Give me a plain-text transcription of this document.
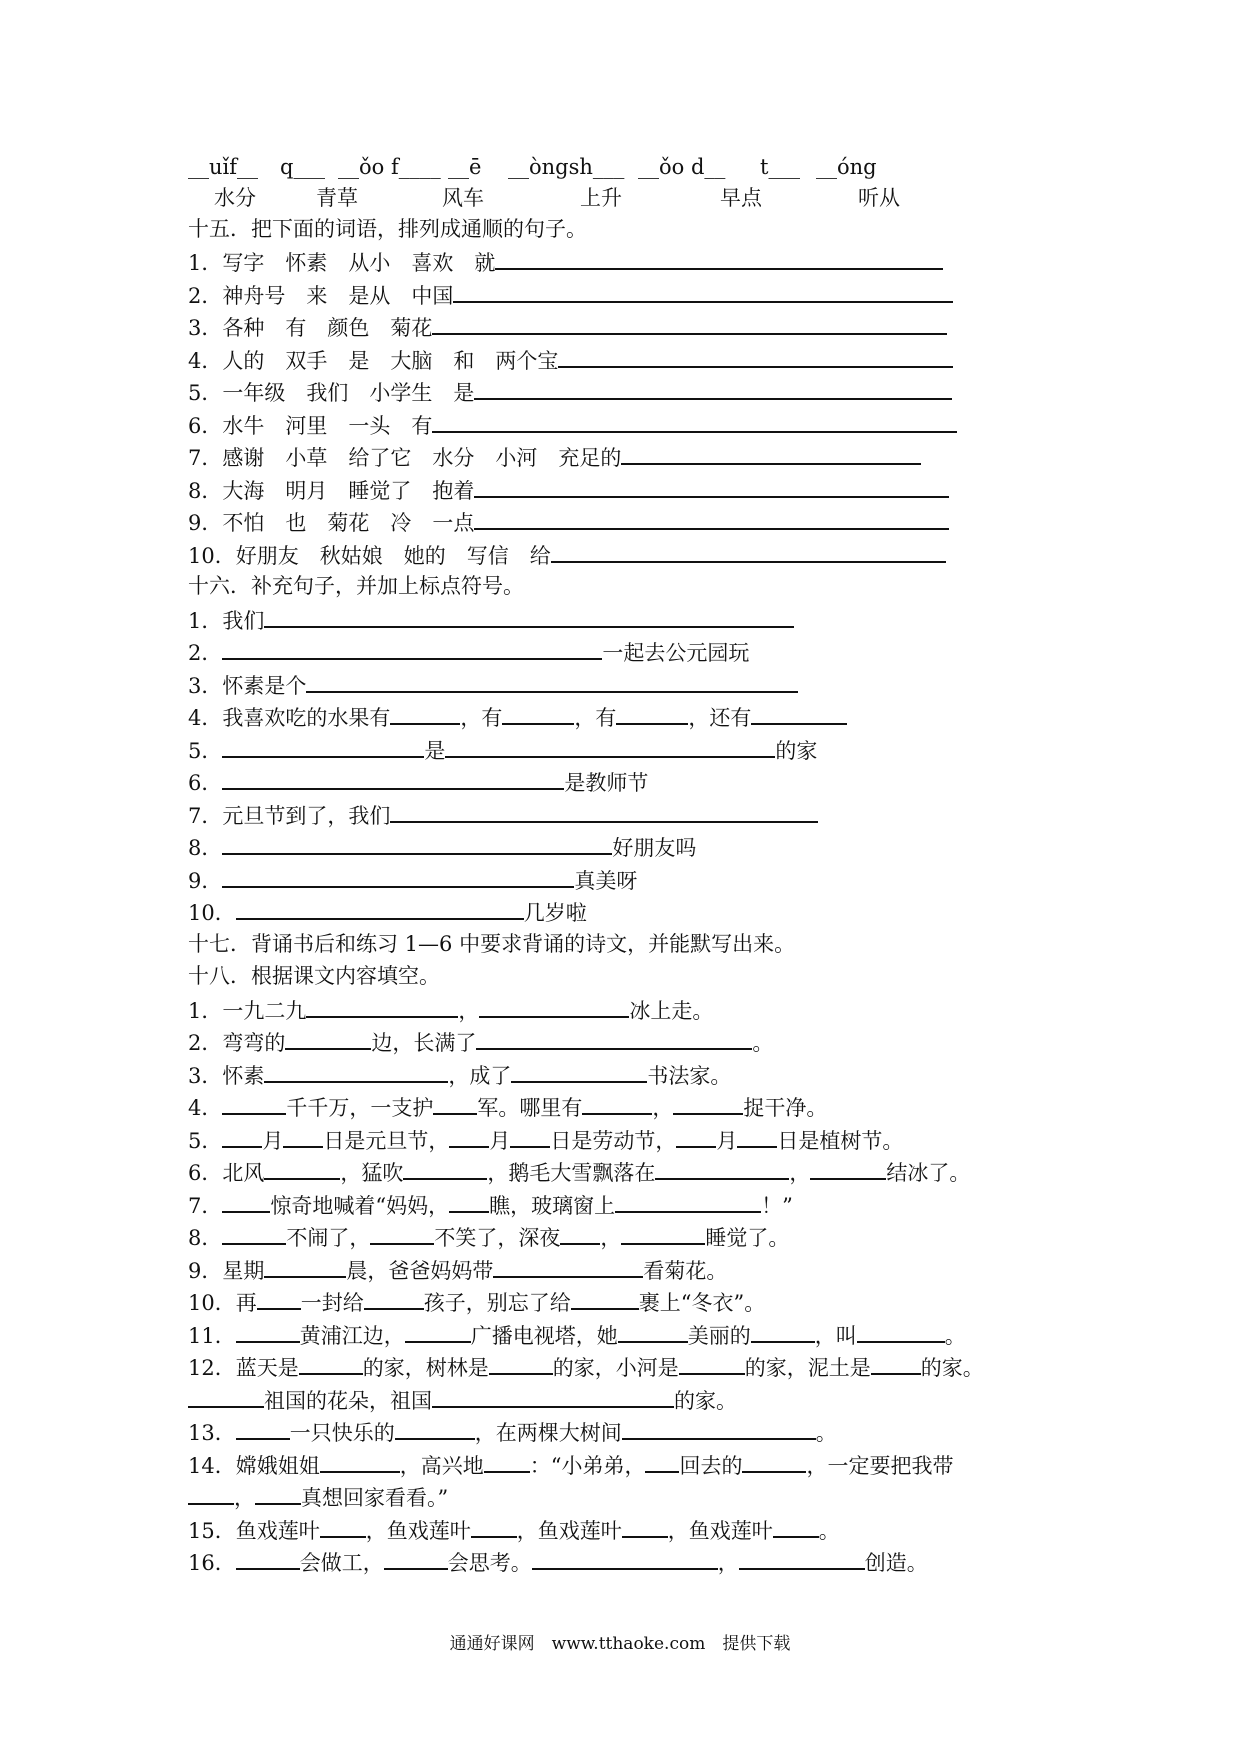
__uǐf__ q___ __ǒo f____ __ē __òngsh___ __ǒo d__ t___ __óng
水分	青草	风车	上升	早点	听从
十五．把下面的词语，排列成通顺的句子。
1．写字　怀素　从小　喜欢　就
2．神舟号　来　是从　中国
3．各种　有　颜色　菊花
4．人的　双手　是　大脑　和　两个宝
5．一年级　我们　小学生　是
6．水牛　河里　一头　有
7．感谢　小草　给了它　水分　小河　充足的
8．大海　明月　睡觉了　抱着
9．不怕　也　菊花　冷　一点
10．好朋友　秋姑娘　她的　写信　给
十六．补充句子，并加上标点符号。
1．我们
2．	一起去公元园玩
3．怀素是个
4．我喜欢吃的水果有	，有	，有	，还有
5．	是	的家
6．	是教师节
7．元旦节到了，我们
8．	好朋友吗
9．	真美呀
10．	几岁啦
十七．背诵书后和练习 1—6 中要求背诵的诗文，并能默写出来。
十八．根据课文内容填空。
1．一九二九	，	冰上走。
2．弯弯的	边，长满了	。
3．怀素	，成了	书法家。
4．	千千万，一支护 军。哪里有	，	捉干净。
5． 月 日是元旦节， 月 日是劳动节， 月 日是植树节。
6．北风	，猛吹	，鹅毛大雪飘落在	，	结冰了。
7． 惊奇地喊着“妈妈， 瞧，玻璃窗上	！”
8．	不闹了，	不笑了，深夜 ，	睡觉了。
9．星期	晨，爸爸妈妈带	看菊花。
10．再 一封给	孩子，别忘了给	裹上“冬衣”。
11．	黄浦江边，	广播电视塔，她	美丽的	，叫	。
12．蓝天是	的家，树林是	的家，小河是	的家，泥土是 的家。
祖国的花朵，祖国	的家。
13．	一只快乐的	，在两棵大树间	。
14．嫦娥姐姐	，高兴地 ：“小弟弟， 回去的	，一定要把我带
， 真想回家看看。”
15．鱼戏莲叶 ，鱼戏莲叶 ，鱼戏莲叶 ，鱼戏莲叶 。
16．	会做工，	会思考。	，	创造。
通通好课网　www.tthaoke.com　提供下载
